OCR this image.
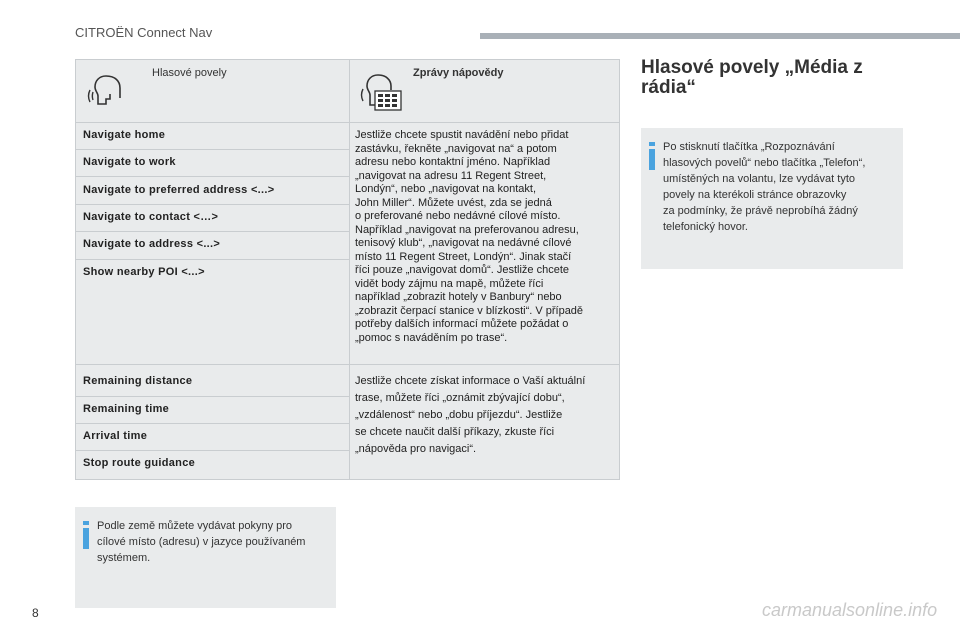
CITROËN Connect Nav
Hlasové povely	Zprávy nápovědy
Navigate home
Navigate to work
Navigate to preferred address <...>
Navigate to contact <…>
Navigate to address <...>
Show nearby POI <...>
Jestliže chcete spustit navádění nebo přidat
zastávku, řekněte „navigovat na“ a potom
adresu nebo kontaktní jméno. Například
„navigovat na adresu 11 Regent Street,
Londýn“, nebo „navigovat na kontakt,
John Miller“. Můžete uvést, zda se jedná
o preferované nebo nedávné cílové místo.
Například „navigovat na preferovanou adresu,
tenisový klub“, „navigovat na nedávné cílové
místo 11 Regent Street, Londýn“. Jinak stačí
říci pouze „navigovat domů“. Jestliže chcete
vidět body zájmu na mapě, můžete říci
například „zobrazit hotely v Banbury“ nebo
„zobrazit čerpací stanice v blízkosti“. V případě
potřeby dalších informací můžete požádat o
„pomoc s naváděním po trase“.
Remaining distance
Remaining time
Arrival time
Stop route guidance
Jestliže chcete získat informace o Vaší aktuální
trase, můžete říci „oznámit zbývající dobu“,
„vzdálenost“ nebo „dobu příjezdu“. Jestliže
se chcete naučit další příkazy, zkuste říci
„nápověda pro navigaci“.
Podle země můžete vydávat pokyny pro
cílové místo (adresu) v jazyce používaném
systémem.
Hlasové povely „Média z
rádia“
Po stisknutí tlačítka „Rozpoznávání
hlasových povelů“ nebo tlačítka „Telefon“,
umístěných na volantu, lze vydávat tyto
povely na kterékoli stránce obrazovky
za podmínky, že právě neprobíhá žádný
telefonický hovor.
8	carmanualsonline.info
